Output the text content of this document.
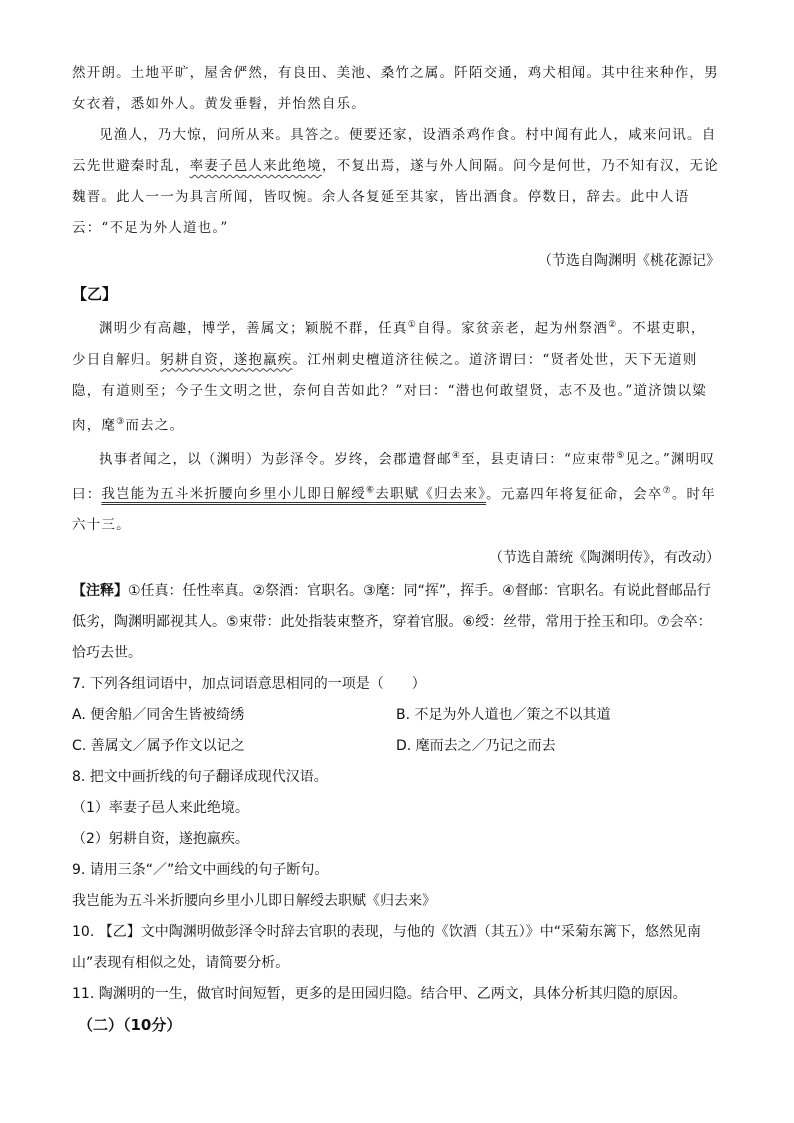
然开朗。土地平旷，屋舍俨然，有良田、美池、桑竹之属。阡陌交通，鸡犬相闻。其中往来种作，男女衣着，悉如外人。黄发垂髫，并怡然自乐。

见渔人，乃大惊，问所从来。具答之。便要还家，设酒杀鸡作食。村中闻有此人，咸来问讯。自云先世避秦时乱，率妻子邑人来此绝境，不复出焉，遂与外人间隔。问今是何世，乃不知有汉，无论魏晋。此人一一为具言所闻，皆叹惋。余人各复延至其家，皆出酒食。停数日，辞去。此中人语云：“不足为外人道也。”

（节选自陶渊明《桃花源记》

【乙】

渊明少有高趣，博学，善属文；颖脱不群，任真①自得。家贫亲老，起为州祭酒②。不堪吏职，少日自解归。躬耕自资，遂抱羸疾。江州刺史檀道济往候之。道济谓曰：“贤者处世，天下无道则隐，有道则至；今子生文明之世，奈何自苦如此？”对曰：“潜也何敢望贤，志不及也。”道济馈以粱肉，麾③而去之。

执事者闻之，以（渊明）为彭泽令。岁终，会郡遣督邮④至，县吏请曰：“应束带⑤见之。”渊明叹曰：我岂能为五斗米折腰向乡里小儿即日解绶⑥去职赋《归去来》。元嘉四年将复征命，会卒⑦。时年六十三。

（节选自萧统《陶渊明传》，有改动）

【注释】①任真：任性率真。②祭酒：官职名。③麾：同“挥”，挥手。④督邮：官职名。有说此督邮品行低劣，陶渊明鄙视其人。⑤束带：此处指装束整齐，穿着官服。⑥绶：丝带，常用于拴玉和印。⑦会卒：恰巧去世。

7. 下列各组词语中，加点词语意思相同的一项是（　　）

A. 便舍船／同舍生皆被绮绣	B. 不足为外人道也／策之不以其道
C. 善属文／属予作文以记之	D. 麾而去之／乃记之而去

8. 把文中画折线的句子翻译成现代汉语。

（1）率妻子邑人来此绝境。

（2）躬耕自资，遂抱羸疾。

9. 请用三条“／”给文中画线的句子断句。

我岂能为五斗米折腰向乡里小儿即日解绶去职赋《归去来》

10. 【乙】文中陶渊明做彭泽令时辞去官职的表现，与他的《饮酒（其五）》中“采菊东篱下，悠然见南山”表现有相似之处，请简要分析。

11. 陶渊明的一生，做官时间短暂，更多的是田园归隐。结合甲、乙两文，具体分析其归隐的原因。

（二）（10分）
